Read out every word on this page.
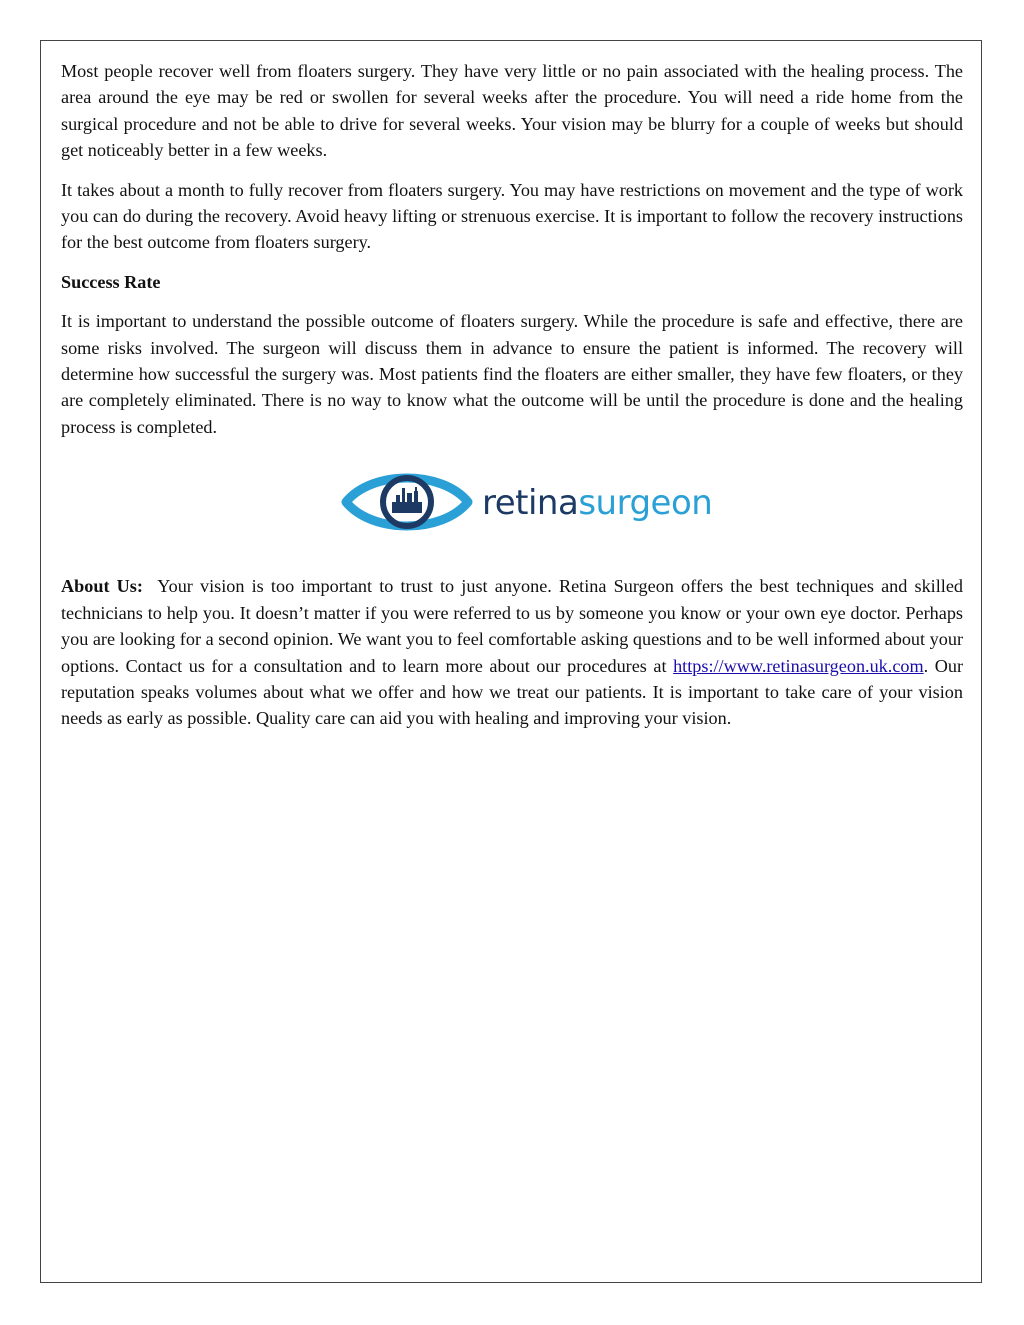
Most people recover well from floaters surgery. They have very little or no pain associated with the healing process. The area around the eye may be red or swollen for several weeks after the procedure. You will need a ride home from the surgical procedure and not be able to drive for several weeks. Your vision may be blurry for a couple of weeks but should get noticeably better in a few weeks.

It takes about a month to fully recover from floaters surgery. You may have restrictions on movement and the type of work you can do during the recovery. Avoid heavy lifting or strenuous exercise. It is important to follow the recovery instructions for the best outcome from floaters surgery.

Success Rate

It is important to understand the possible outcome of floaters surgery. While the procedure is safe and effective, there are some risks involved. The surgeon will discuss them in advance to ensure the patient is informed. The recovery will determine how successful the surgery was. Most patients find the floaters are either smaller, they have few floaters, or they are completely eliminated. There is no way to know what the outcome will be until the procedure is done and the healing process is completed.

retinasurgeon

About Us: Your vision is too important to trust to just anyone. Retina Surgeon offers the best techniques and skilled technicians to help you. It doesn’t matter if you were referred to us by someone you know or your own eye doctor. Perhaps you are looking for a second opinion. We want you to feel comfortable asking questions and to be well informed about your options. Contact us for a consultation and to learn more about our procedures at https://www.retinasurgeon.uk.com. Our reputation speaks volumes about what we offer and how we treat our patients. It is important to take care of your vision needs as early as possible. Quality care can aid you with healing and improving your vision.
